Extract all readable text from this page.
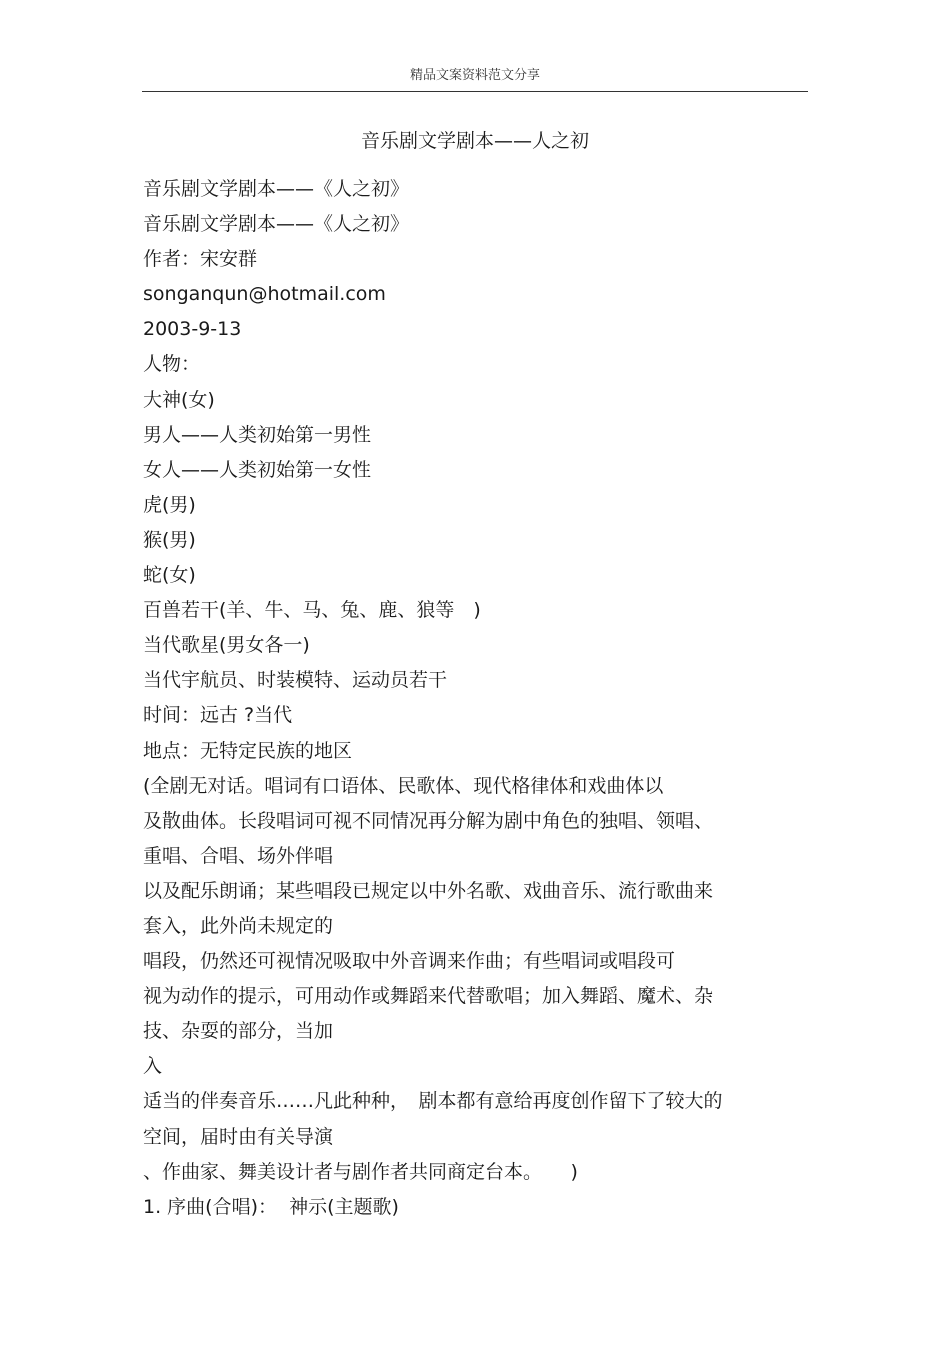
精品文案资料范文分享
音乐剧文学剧本——人之初
音乐剧文学剧本——《人之初》
音乐剧文学剧本——《人之初》
作者：宋安群
songanqun@hotmail.com
2003-9-13
人物：
大神(女)
男人——人类初始第一男性
女人——人类初始第一女性
虎(男)
猴(男)
蛇(女)
百兽若干(羊、牛、马、兔、鹿、狼等　)
当代歌星(男女各一)
当代宇航员、时装模特、运动员若干
时间：远古 ?当代
地点：无特定民族的地区
(全剧无对话。唱词有口语体、民歌体、现代格律体和戏曲体以
及散曲体。长段唱词可视不同情况再分解为剧中角色的独唱、领唱、
重唱、合唱、场外伴唱
以及配乐朗诵；某些唱段已规定以中外名歌、戏曲音乐、流行歌曲来
套入，此外尚未规定的
唱段，仍然还可视情况吸取中外音调来作曲；有些唱词或唱段可
视为动作的提示，可用动作或舞蹈来代替歌唱；加入舞蹈、魔术、杂
技、杂耍的部分，当加
入
适当的伴奏音乐……凡此种种，　剧本都有意给再度创作留下了较大的
空间，届时由有关导演
、作曲家、舞美设计者与剧作者共同商定台本。　　)
1. 序曲(合唱)：  神示(主题歌)
